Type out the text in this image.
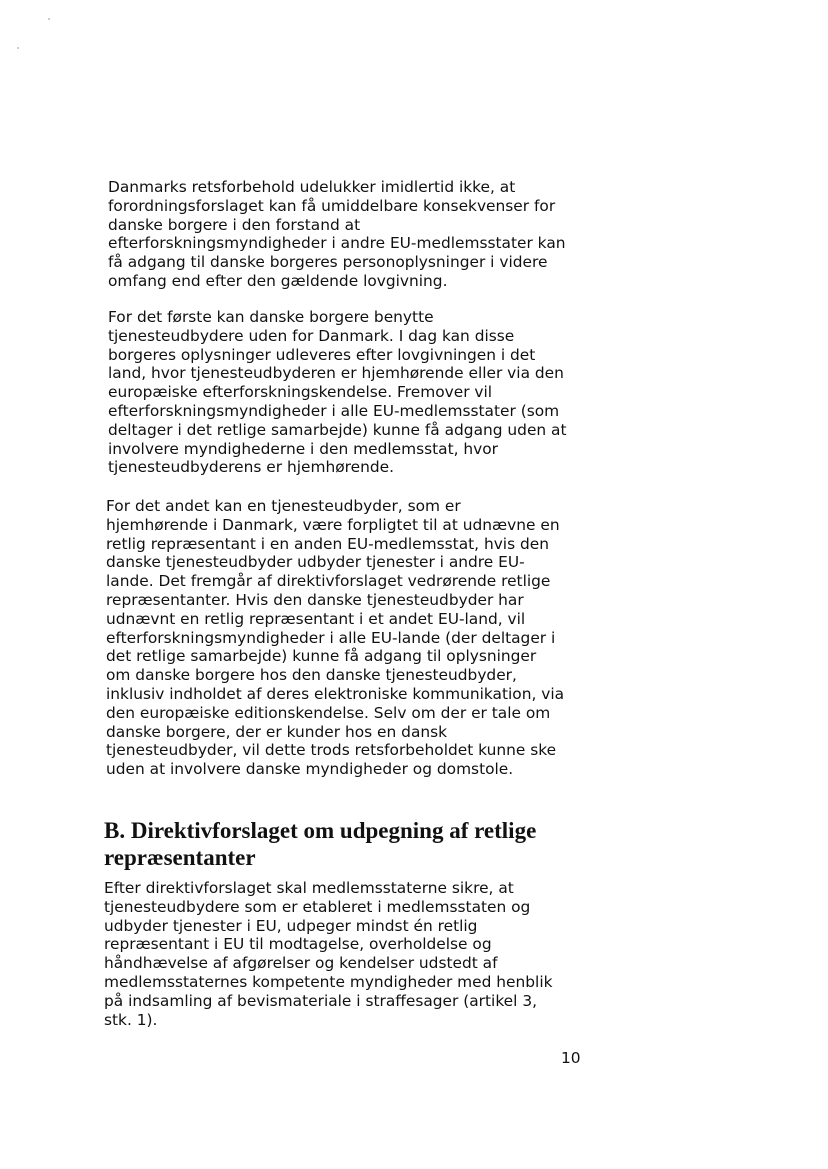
Danmarks retsforbehold udelukker imidlertid ikke, at
forordningsforslaget kan få umiddelbare konsekvenser for
danske borgere i den forstand at
efterforskningsmyndigheder i andre EU-medlemsstater kan
få adgang til danske borgeres personoplysninger i videre
omfang end efter den gældende lovgivning.

For det første kan danske borgere benytte
tjenesteudbydere uden for Danmark. I dag kan disse
borgeres oplysninger udleveres efter lovgivningen i det
land, hvor tjenesteudbyderen er hjemhørende eller via den
europæiske efterforskningskendelse. Fremover vil
efterforskningsmyndigheder i alle EU-medlemsstater (som
deltager i det retlige samarbejde) kunne få adgang uden at
involvere myndighederne i den medlemsstat, hvor
tjenesteudbyderens er hjemhørende.

For det andet kan en tjenesteudbyder, som er
hjemhørende i Danmark, være forpligtet til at udnævne en
retlig repræsentant i en anden EU-medlemsstat, hvis den
danske tjenesteudbyder udbyder tjenester i andre EU-
lande. Det fremgår af direktivforslaget vedrørende retlige
repræsentanter. Hvis den danske tjenesteudbyder har
udnævnt en retlig repræsentant i et andet EU-land, vil
efterforskningsmyndigheder i alle EU-lande (der deltager i
det retlige samarbejde) kunne få adgang til oplysninger
om danske borgere hos den danske tjenesteudbyder,
inklusiv indholdet af deres elektroniske kommunikation, via
den europæiske editionskendelse. Selv om der er tale om
danske borgere, der er kunder hos en dansk
tjenesteudbyder, vil dette trods retsforbeholdet kunne ske
uden at involvere danske myndigheder og domstole.

B. Direktivforslaget om udpegning af retlige
repræsentanter

Efter direktivforslaget skal medlemsstaterne sikre, at
tjenesteudbydere som er etableret i medlemsstaten og
udbyder tjenester i EU, udpeger mindst én retlig
repræsentant i EU til modtagelse, overholdelse og
håndhævelse af afgørelser og kendelser udstedt af
medlemsstaternes kompetente myndigheder med henblik
på indsamling af bevismateriale i straffesager (artikel 3,
stk. 1).

10
